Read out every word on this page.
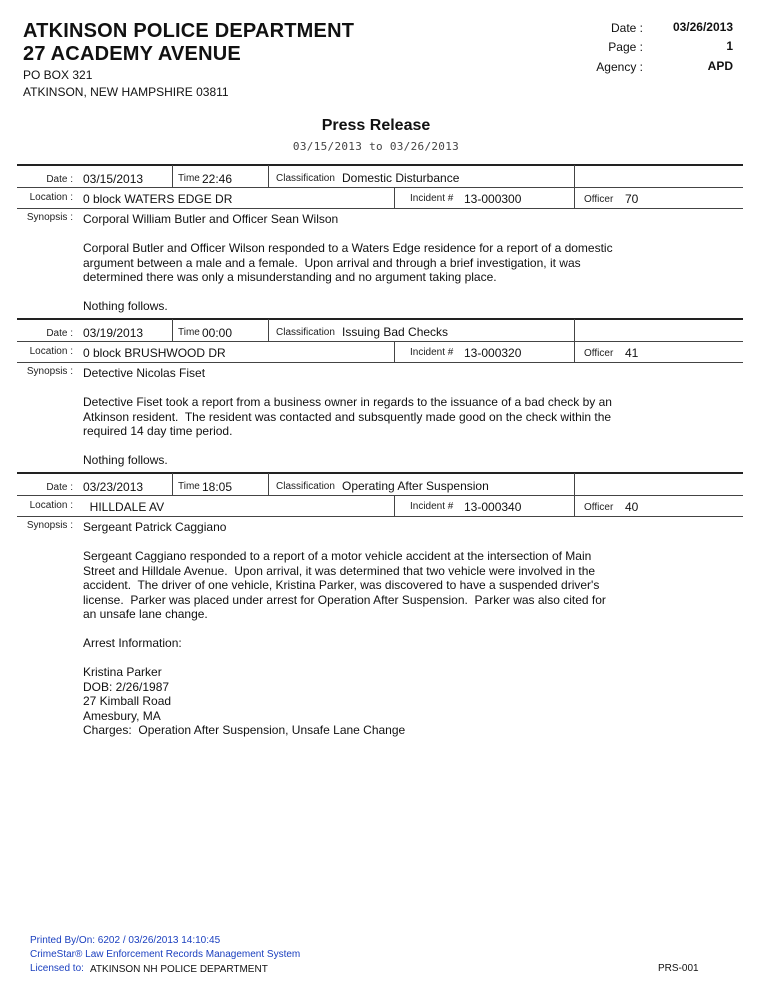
ATKINSON POLICE DEPARTMENT
27 ACADEMY AVENUE
PO BOX 321
ATKINSON, NEW HAMPSHIRE 03811
Date :	03/26/2013
Page :	1
Agency :	APD
Press Release
03/15/2013 to 03/26/2013
Date : 03/15/2013	Time 22:46	Classification Domestic Disturbance
Location : 0 block WATERS EDGE DR	Incident # 13-000300	Officer 70
Synopsis : Corporal William Butler and Officer Sean Wilson

Corporal Butler and Officer Wilson responded to a Waters Edge residence for a report of a domestic
argument between a male and a female.  Upon arrival and through a brief investigation, it was
determined there was only a misunderstanding and no argument taking place.

Nothing follows.

Date : 03/19/2013	Time 00:00	Classification Issuing Bad Checks
Location : 0 block BRUSHWOOD DR	Incident # 13-000320	Officer 41
Synopsis : Detective Nicolas Fiset

Detective Fiset took a report from a business owner in regards to the issuance of a bad check by an
Atkinson resident.  The resident was contacted and subsquently made good on the check within the
required 14 day time period.

Nothing follows.

Date : 03/23/2013	Time 18:05	Classification Operating After Suspension
Location : HILLDALE AV	Incident # 13-000340	Officer 40
Synopsis : Sergeant Patrick Caggiano

Sergeant Caggiano responded to a report of a motor vehicle accident at the intersection of Main
Street and Hilldale Avenue.  Upon arrival, it was determined that two vehicle were involved in the
accident.  The driver of one vehicle, Kristina Parker, was discovered to have a suspended driver's
license.  Parker was placed under arrest for Operation After Suspension.  Parker was also cited for
an unsafe lane change.

Arrest Information:

Kristina Parker
DOB: 2/26/1987
27 Kimball Road
Amesbury, MA
Charges:  Operation After Suspension, Unsafe Lane Change

Printed By/On: 6202 / 03/26/2013 14:10:45
CrimeStar® Law Enforcement Records Management System
Licensed to: ATKINSON NH POLICE DEPARTMENT	PRS-001
